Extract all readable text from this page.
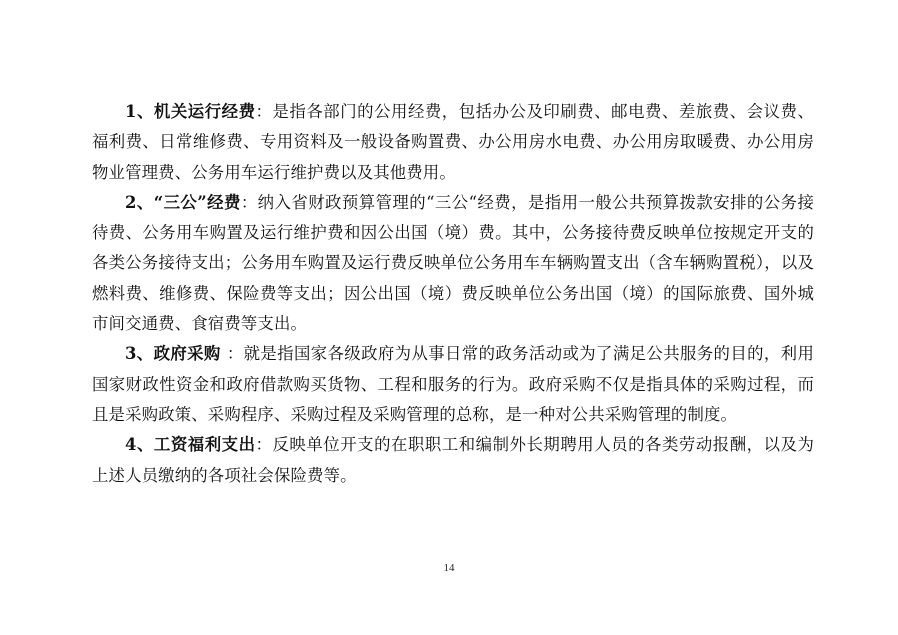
1、机关运行经费：是指各部门的公用经费，包括办公及印刷费、邮电费、差旅费、会议费、福利费、日常维修费、专用资料及一般设备购置费、办公用房水电费、办公用房取暖费、办公用房物业管理费、公务用车运行维护费以及其他费用。

2、“三公”经费：纳入省财政预算管理的“三公“经费，是指用一般公共预算拨款安排的公务接待费、公务用车购置及运行维护费和因公出国（境）费。其中，公务接待费反映单位按规定开支的各类公务接待支出；公务用车购置及运行费反映单位公务用车车辆购置支出（含车辆购置税），以及燃料费、维修费、保险费等支出；因公出国（境）费反映单位公务出国（境）的国际旅费、国外城市间交通费、食宿费等支出。

3、政府采购 ：就是指国家各级政府为从事日常的政务活动或为了满足公共服务的目的，利用国家财政性资金和政府借款购买货物、工程和服务的行为。政府采购不仅是指具体的采购过程，而且是采购政策、采购程序、采购过程及采购管理的总称，是一种对公共采购管理的制度。

4、工资福利支出：反映单位开支的在职职工和编制外长期聘用人员的各类劳动报酬，以及为上述人员缴纳的各项社会保险费等。

14
